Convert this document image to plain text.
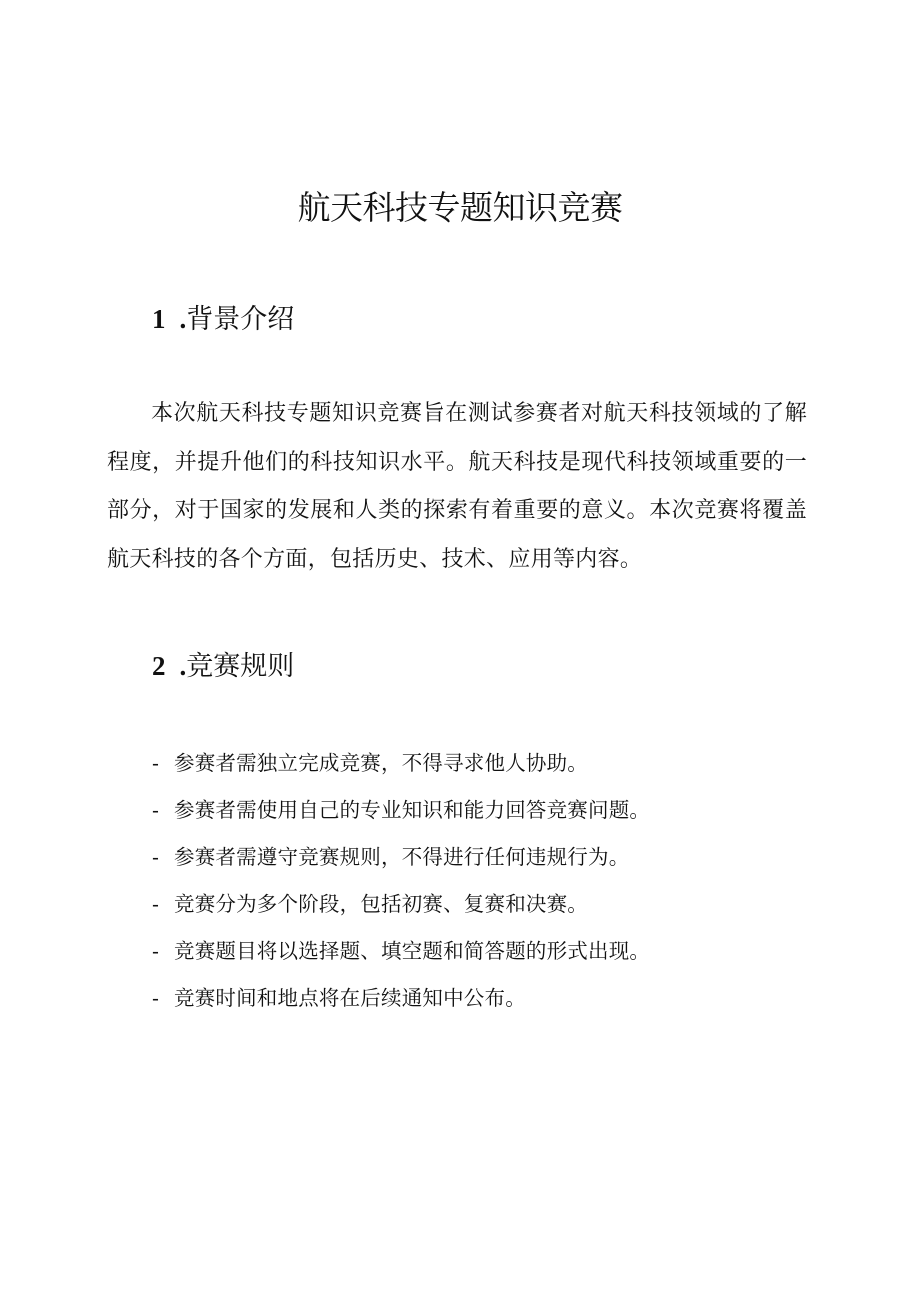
航天科技专题知识竞赛
1 .背景介绍

本次航天科技专题知识竞赛旨在测试参赛者对航天科技领域的了解程度，并提升他们的科技知识水平。航天科技是现代科技领域重要的一部分，对于国家的发展和人类的探索有着重要的意义。本次竞赛将覆盖航天科技的各个方面，包括历史、技术、应用等内容。

2 .竞赛规则
- 参赛者需独立完成竞赛，不得寻求他人协助。
- 参赛者需使用自己的专业知识和能力回答竞赛问题。
- 参赛者需遵守竞赛规则，不得进行任何违规行为。
- 竞赛分为多个阶段，包括初赛、复赛和决赛。
- 竞赛题目将以选择题、填空题和简答题的形式出现。
- 竞赛时间和地点将在后续通知中公布。
